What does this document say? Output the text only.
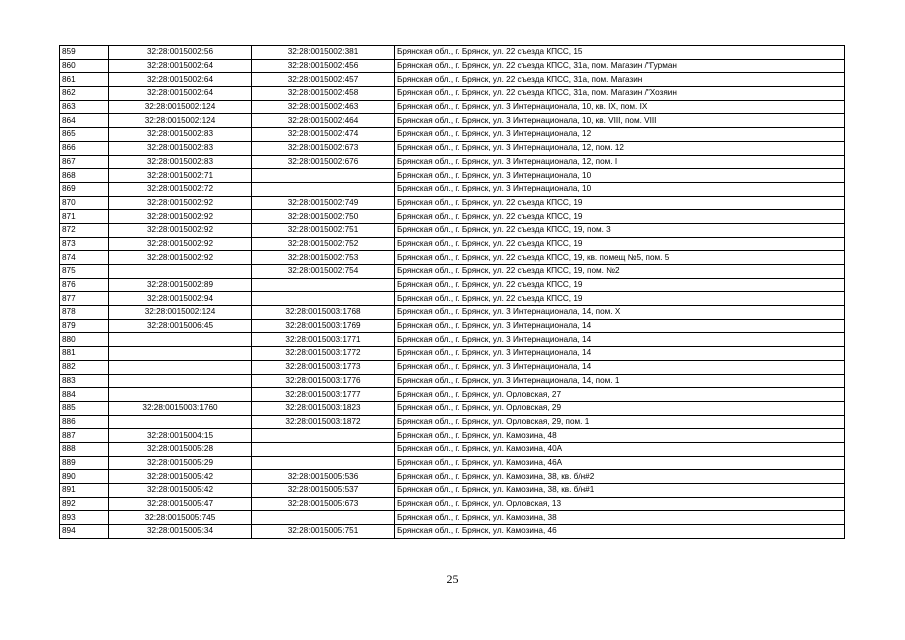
859	32:28:0015002:56	32:28:0015002:381	Брянская обл., г. Брянск, ул. 22 съезда КПСС, 15
860	32:28:0015002:64	32:28:0015002:456	Брянская обл., г. Брянск, ул. 22 съезда КПСС, 31а, пом. Магазин /"Гурман
861	32:28:0015002:64	32:28:0015002:457	Брянская обл., г. Брянск, ул. 22 съезда КПСС, 31а, пом. Магазин
862	32:28:0015002:64	32:28:0015002:458	Брянская обл., г. Брянск, ул. 22 съезда КПСС, 31а, пом. Магазин /"Хозяин
863	32:28:0015002:124	32:28:0015002:463	Брянская обл., г. Брянск, ул. 3 Интернационала, 10, кв. IX, пом. IX
864	32:28:0015002:124	32:28:0015002:464	Брянская обл., г. Брянск, ул. 3 Интернационала, 10, кв. VIII, пом. VIII
865	32:28:0015002:83	32:28:0015002:474	Брянская обл., г. Брянск, ул. 3 Интернационала, 12
866	32:28:0015002:83	32:28:0015002:673	Брянская обл., г. Брянск, ул. 3 Интернационала, 12, пом. 12
867	32:28:0015002:83	32:28:0015002:676	Брянская обл., г. Брянск, ул. 3 Интернационала, 12, пом. I
868	32:28:0015002:71		Брянская обл., г. Брянск, ул. 3 Интернационала, 10
869	32:28:0015002:72		Брянская обл., г. Брянск, ул. 3 Интернационала, 10
870	32:28:0015002:92	32:28:0015002:749	Брянская обл., г. Брянск, ул. 22 съезда КПСС, 19
871	32:28:0015002:92	32:28:0015002:750	Брянская обл., г. Брянск, ул. 22 съезда КПСС, 19
872	32:28:0015002:92	32:28:0015002:751	Брянская обл., г. Брянск, ул. 22 съезда КПСС, 19, пом. 3
873	32:28:0015002:92	32:28:0015002:752	Брянская обл., г. Брянск, ул. 22 съезда КПСС, 19
874	32:28:0015002:92	32:28:0015002:753	Брянская обл., г. Брянск, ул. 22 съезда КПСС, 19, кв. помещ №5, пом. 5
875		32:28:0015002:754	Брянская обл., г. Брянск, ул. 22 съезда КПСС, 19, пом. №2
876	32:28:0015002:89		Брянская обл., г. Брянск, ул. 22 съезда КПСС, 19
877	32:28:0015002:94		Брянская обл., г. Брянск, ул. 22 съезда КПСС, 19
878	32:28:0015002:124	32:28:0015003:1768	Брянская обл., г. Брянск, ул. 3 Интернационала, 14, пом. X
879	32:28:0015006:45	32:28:0015003:1769	Брянская обл., г. Брянск, ул. 3 Интернационала, 14
880		32:28:0015003:1771	Брянская обл., г. Брянск, ул. 3 Интернационала, 14
881		32:28:0015003:1772	Брянская обл., г. Брянск, ул. 3 Интернационала, 14
882		32:28:0015003:1773	Брянская обл., г. Брянск, ул. 3 Интернационала, 14
883		32:28:0015003:1776	Брянская обл., г. Брянск, ул. 3 Интернационала, 14, пом. 1
884		32:28:0015003:1777	Брянская обл., г. Брянск, ул. Орловская, 27
885	32:28:0015003:1760	32:28:0015003:1823	Брянская обл., г. Брянск, ул. Орловская, 29
886		32:28:0015003:1872	Брянская обл., г. Брянск, ул. Орловская, 29, пом. 1
887	32:28:0015004:15		Брянская обл., г. Брянск, ул. Камозина, 48
888	32:28:0015005:28		Брянская обл., г. Брянск, ул. Камозина, 40А
889	32:28:0015005:29		Брянская обл., г. Брянск, ул. Камозина, 46А
890	32:28:0015005:42	32:28:0015005:536	Брянская обл., г. Брянск, ул. Камозина, 38, кв. б/н#2
891	32:28:0015005:42	32:28:0015005:537	Брянская обл., г. Брянск, ул. Камозина, 38, кв. б/н#1
892	32:28:0015005:47	32:28:0015005:673	Брянская обл., г. Брянск, ул. Орловская, 13
893	32:28:0015005:745		Брянская обл., г. Брянск, ул. Камозина, 38
894	32:28:0015005:34	32:28:0015005:751	Брянская обл., г. Брянск, ул. Камозина, 46
25
